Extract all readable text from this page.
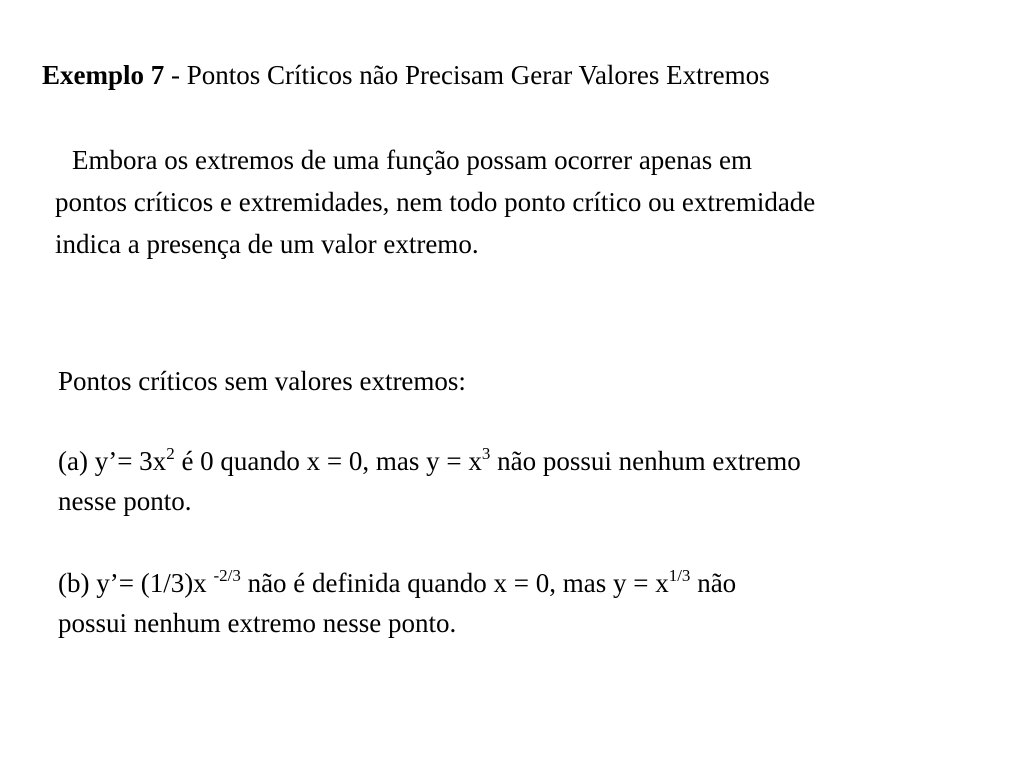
Exemplo 7 - Pontos Críticos não Precisam Gerar Valores Extremos
Embora os extremos de uma função possam ocorrer apenas em
pontos críticos e extremidades, nem todo ponto crítico ou extremidade
indica a presença de um valor extremo.
Pontos críticos sem valores extremos:
(a) y’= $3x^2$ é 0 quando x = 0, mas $y = x^3$ não possui nenhum extremo
nesse ponto.
(b) y’= (1/3)x $^{-2/3}$ não é definida quando x = 0, mas $y = x^{1/3}$ não
possui nenhum extremo nesse ponto.
